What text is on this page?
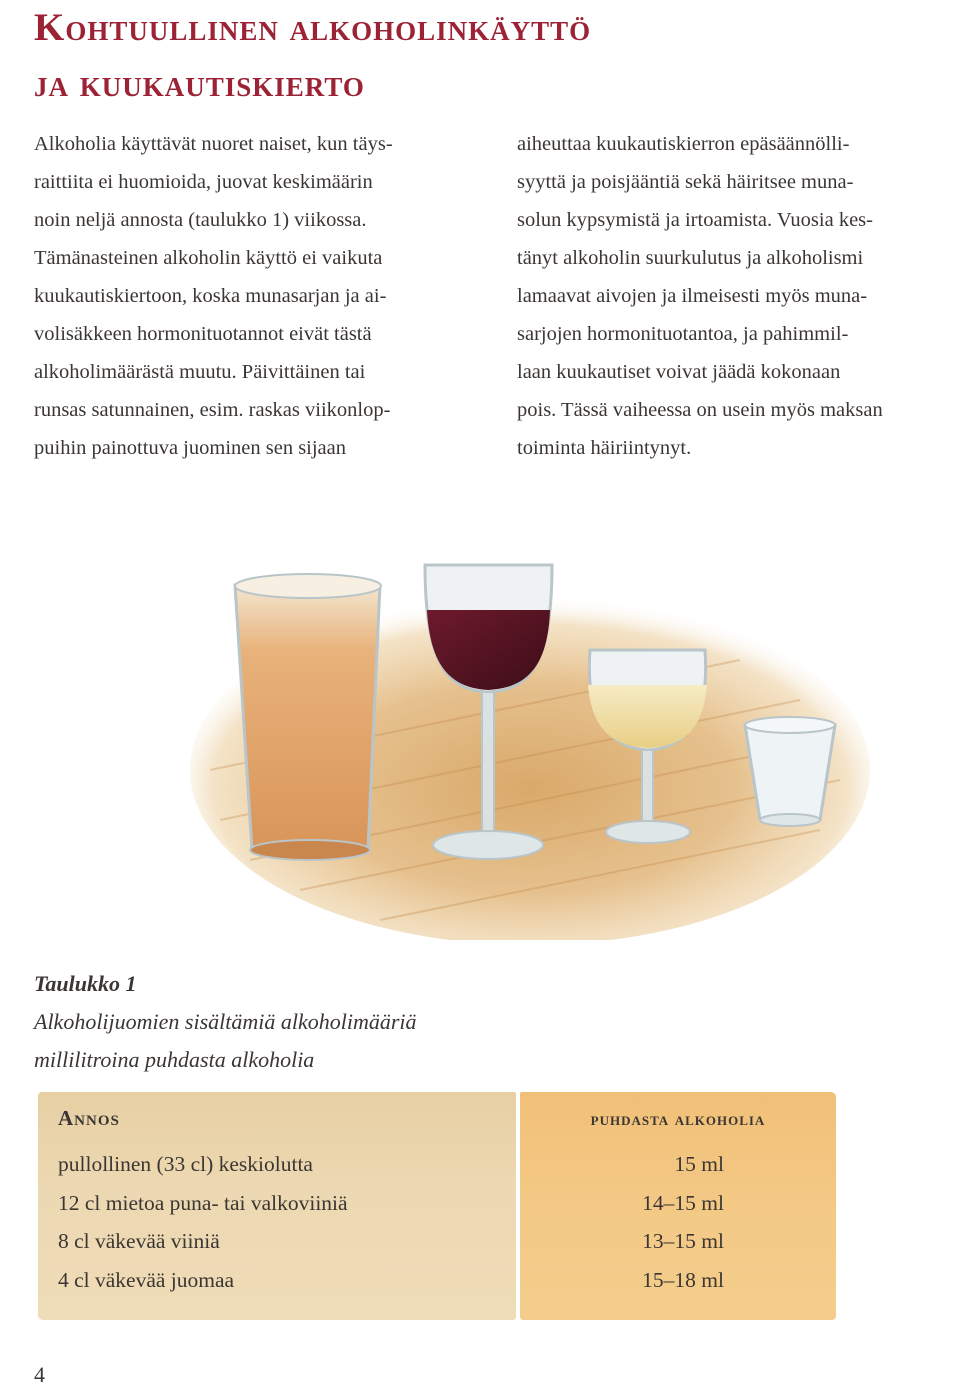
Kohtuullinen alkoholinkäyttö
ja kuukautiskierto

Alkoholia käyttävät nuoret naiset, kun täys-
raittiita ei huomioida, juovat keskimäärin
noin neljä annosta (taulukko 1) viikossa.
Tämänasteinen alkoholin käyttö ei vaikuta
kuukautiskiertoon, koska munasarjan ja ai-
volisäkkeen hormonituotannot eivät tästä
alkoholimäärästä muutu. Päivittäinen tai
runsas satunnainen, esim. raskas viikonlop-
puihin painottuva juominen sen sijaan

aiheuttaa kuukautiskierron epäsäännölli-
syyttä ja poisjääntiä sekä häiritsee muna-
solun kypsymistä ja irtoamista. Vuosia kes-
tänyt alkoholin suurkulutus ja alkoholismi
lamaavat aivojen ja ilmeisesti myös muna-
sarjojen hormonituotantoa, ja pahimmil-
laan kuukautiset voivat jäädä kokonaan
pois. Tässä vaiheessa on usein myös maksan
toiminta häiriintynyt.

Taulukko 1
Alkoholijuomien sisältämiä alkoholimääriä
millilitroina puhdasta alkoholia
Annos	puhdasta alkoholia
pullollinen (33 cl) keskiolutta	15 ml
12 cl mietoa puna- tai valkoviiniä	14–15 ml
8 cl väkevää viiniä	13–15 ml
4 cl väkevää juomaa	15–18 ml
4
